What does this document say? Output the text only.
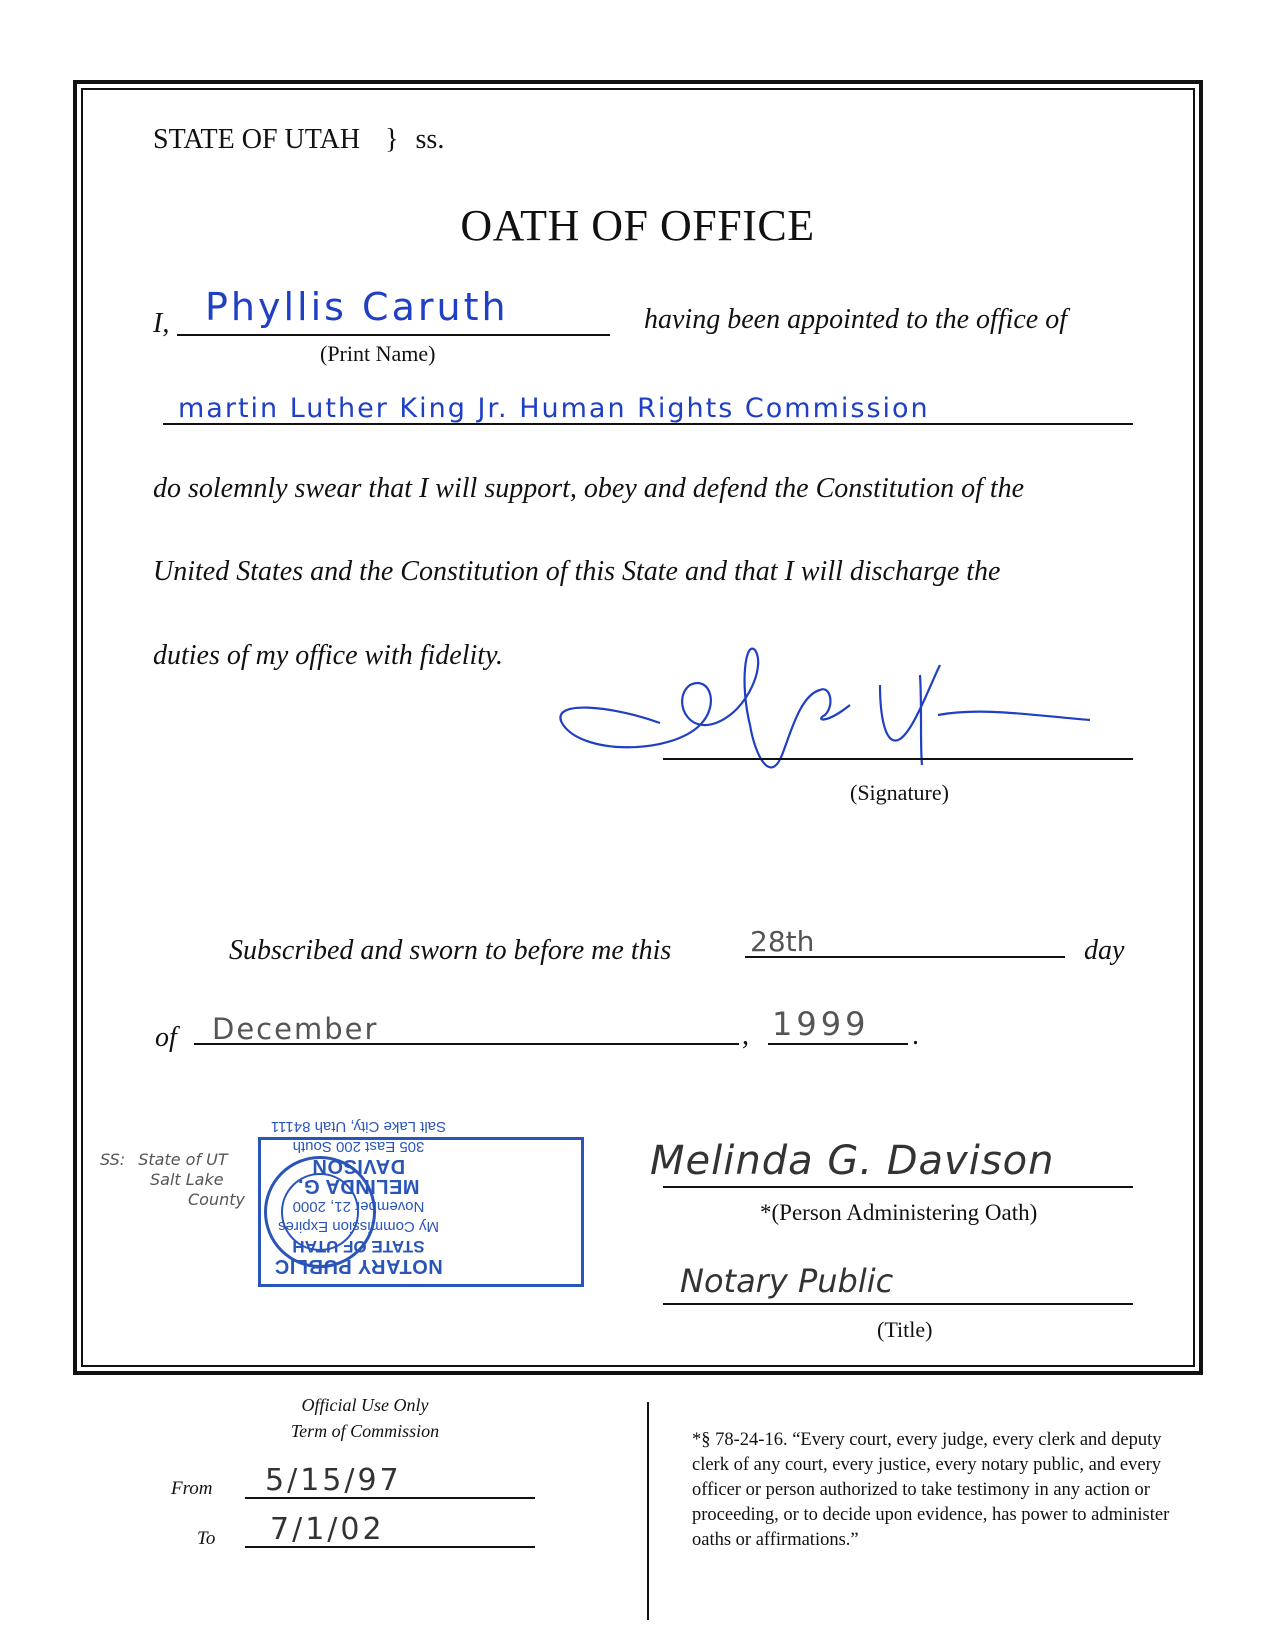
STATE OF UTAH } ss.
OATH OF OFFICE
I, Phyllis Caruth
(Print Name)
having been appointed to the office of
martin Luther King Jr. Human Rights Commission
do solemnly swear that I will support, obey and defend the Constitution of the
United States and the Constitution of this State and that I will discharge the
duties of my office with fidelity.
(Signature)
Subscribed and sworn to before me this	28th	day
of December	, 1999 .
SS: State of UT
Salt Lake
County
NOTARY PUBLIC
STATE OF UTAH
My Commission Expires
November 21, 2000
MELINDA G. DAVISON
305 East 200 South
Salt Lake City, Utah 84111
Melinda G. Davison
*(Person Administering Oath)
Notary Public
(Title)
Official Use Only
Term of Commission
From 5/15/97
To 7/1/02
*§ 78-24-16. “Every court, every judge, every clerk and deputy clerk of any court, every justice, every notary public, and every officer or person authorized to take testimony in any action or proceeding, or to decide upon evidence, has power to administer oaths or affirmations.”
